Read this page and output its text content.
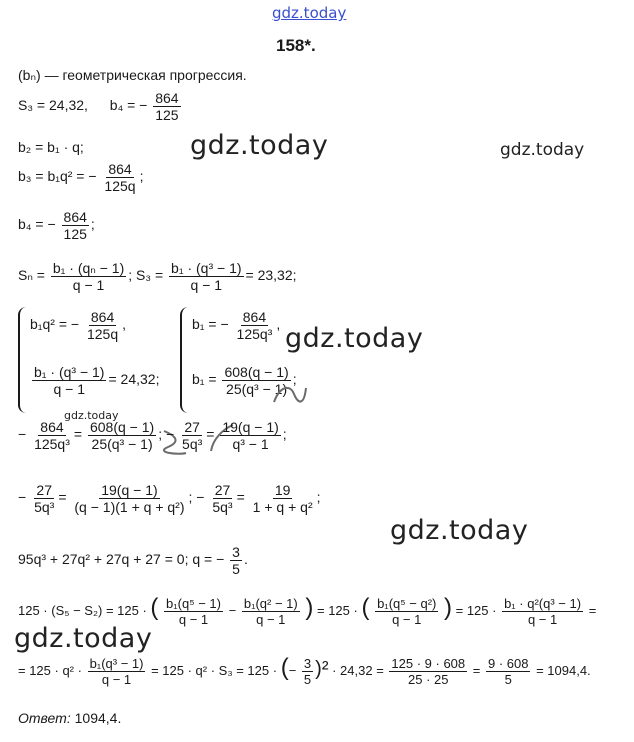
gdz.today
gdz.today	gdz.today
gdz.today
gdz.today
gdz.today
gdz.today
158*.
(bₙ) — геометрическая прогрессия.
S₃ = 24,32, b₄ = − $\frac{864}{125}$
b₂ = b₁ · q;
b₃ = b₁q² = − $\frac{864}{125q}$ ;
b₄ = − $\frac{864}{125}$ ;
$S_n = \frac{\text{b₁ · (qₙ − 1)}}{q - 1}$ ; $S_3 = \frac{\text{b₁ · (q³ − 1)}}{q - 1} = 23,32$;
b₁q² = − $\frac{864}{125q}$ ,
$\frac{\text{b₁ · (q³ − 1)}}{q - 1} = 24,32$;
b₁ = − $\frac{864}{\text{125q³}}$ ,
$b_1 = \frac{608(q - 1)}{\text{25(q³ − 1)}}$ ;
− $\frac{864}{\text{125q³}} = \frac{608(q - 1)}{\text{25(q³ − 1)}}$ ; − $\frac{27}{\text{5q³}} = \frac{19(q - 1)}{\text{q³ − 1}}$ ;
− $\frac{27}{\text{5q³}} = \frac{19(q - 1)}{\text{(q − 1)(1 + q + q²)}}$ ; − $\frac{27}{\text{5q³}} = \frac{19}{\text{1 + q + q²}}$ ;
95q³ + 27q² + 27q + 27 = 0; q = − $\frac{3}{5}$ .
125 · (S₅ − S₂) = 125 · ( $\frac{\text{b₁(q⁵ − 1)}}{q - 1} - \frac{\text{b₁(q² − 1)}}{q - 1}$ ) = 125 · ( $\frac{\text{b₁(q⁵ − q²)}}{q - 1}$ ) = $125 \cdot \frac{\text{b₁ · q²(q³ − 1)}}{q - 1}$ =
= $125 \cdot q^2 \cdot \frac{\text{b₁(q³ − 1)}}{q - 1} = 125 \cdot q^2 \cdot S_3 = 125$ · (− $\frac{3}{5} )^2 \cdot 24,32 = \frac{125 \cdot 9 \cdot 608}{25 \cdot 25} = \frac{9 \cdot 608}{5} = 1094,4$.
Ответ: 1094,4.
